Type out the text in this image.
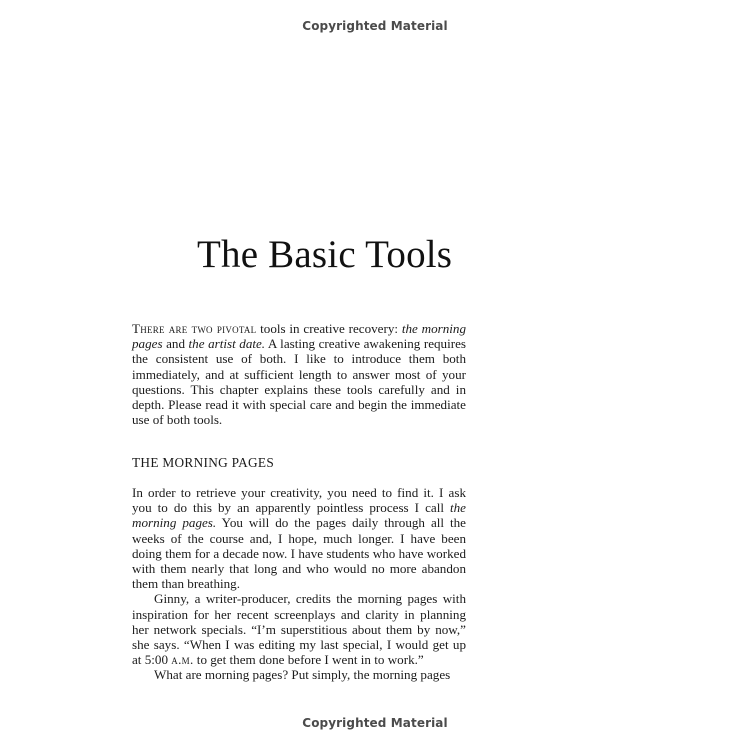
Copyrighted Material
The Basic Tools
There are two pivotal tools in creative recovery: the morning pages and the artist date. A lasting creative awakening requires the consistent use of both. I like to introduce them both immediately, and at sufficient length to answer most of your questions. This chapter explains these tools carefully and in depth. Please read it with special care and begin the immediate use of both tools.
THE MORNING PAGES

In order to retrieve your creativity, you need to find it. I ask you to do this by an apparently pointless process I call the morning pages. You will do the pages daily through all the weeks of the course and, I hope, much longer. I have been doing them for a decade now. I have students who have worked with them nearly that long and who would no more abandon them than breathing.

Ginny, a writer-producer, credits the morning pages with inspiration for her recent screenplays and clarity in planning her network specials. “I’m superstitious about them by now,” she says. “When I was editing my last special, I would get up at 5:00 a.m. to get them done before I went in to work.”

What are morning pages? Put simply, the morning pages

Copyrighted Material
